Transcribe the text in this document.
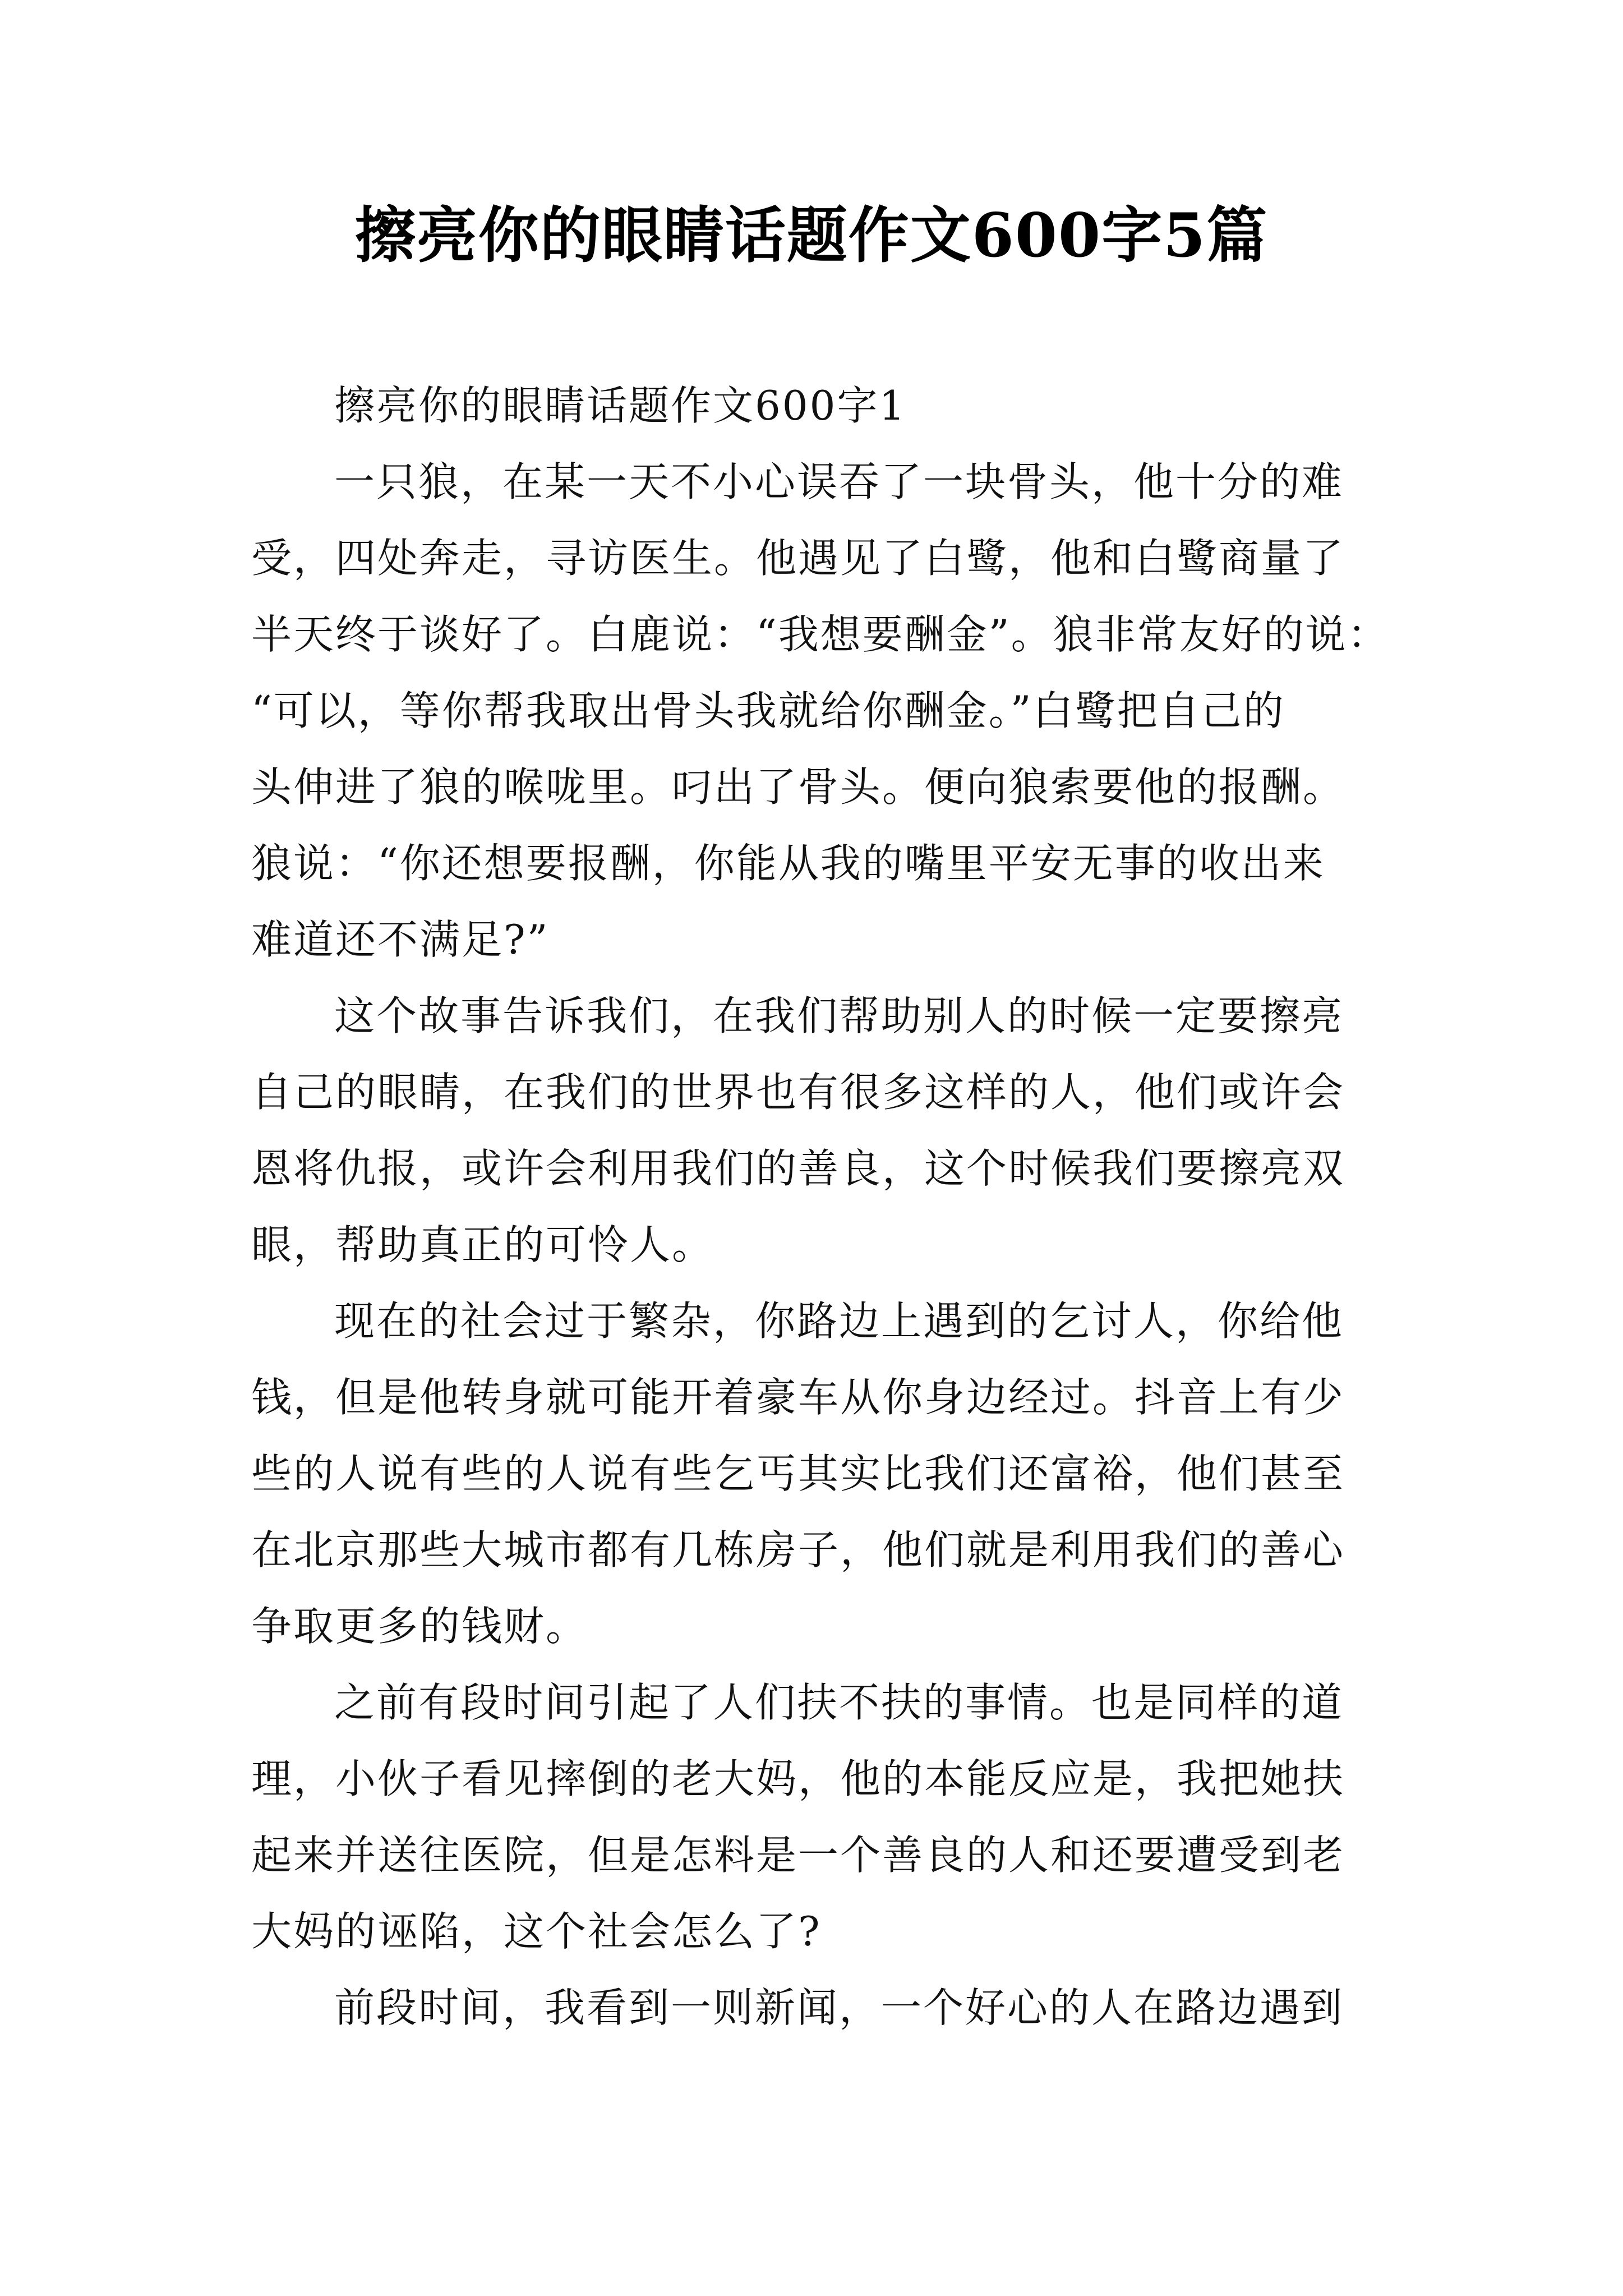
擦亮你的眼睛话题作文600字5篇
擦亮你的眼睛话题作文600字1
一只狼，在某一天不小心误吞了一块骨头，他十分的难
受，四处奔走，寻访医生。他遇见了白鹭，他和白鹭商量了
半天终于谈好了。白鹿说：“我想要酬金”。狼非常友好的说：
“可以，等你帮我取出骨头我就给你酬金。”白鹭把自己的
头伸进了狼的喉咙里。叼出了骨头。便向狼索要他的报酬。
狼说：“你还想要报酬，你能从我的嘴里平安无事的收出来
难道还不满足?”
这个故事告诉我们，在我们帮助别人的时候一定要擦亮
自己的眼睛，在我们的世界也有很多这样的人，他们或许会
恩将仇报，或许会利用我们的善良，这个时候我们要擦亮双
眼，帮助真正的可怜人。
现在的社会过于繁杂，你路边上遇到的乞讨人，你给他
钱，但是他转身就可能开着豪车从你身边经过。抖音上有少
些的人说有些的人说有些乞丐其实比我们还富裕，他们甚至
在北京那些大城市都有几栋房子，他们就是利用我们的善心
争取更多的钱财。
之前有段时间引起了人们扶不扶的事情。也是同样的道
理，小伙子看见摔倒的老大妈，他的本能反应是，我把她扶
起来并送往医院，但是怎料是一个善良的人和还要遭受到老
大妈的诬陷，这个社会怎么了?
前段时间，我看到一则新闻，一个好心的人在路边遇到
